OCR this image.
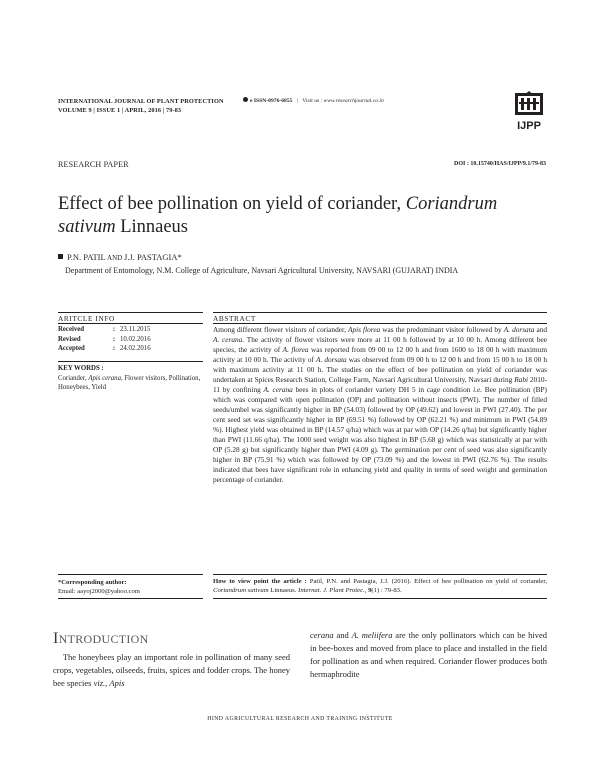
INTERNATIONAL JOURNAL OF PLANT PROTECTION
VOLUME 9 | ISSUE 1 | APRIL, 2016 | 79-83
e ISSN-0976-6855 | Visit us : www.researchjournal.co.in
IJPP
RESEARCH PAPER	DOI : 10.15740/HAS/IJPP/9.1/79-83
Effect of bee pollination on yield of coriander, Coriandrum sativum Linnaeus
P.N. PATIL AND J.J. PASTAGIA*
Department of Entomology, N.M. College of Agriculture, Navsari Agricultural University, NAVSARI (GUJARAT) INDIA
ARITCLE INFO	ABSTRACT
Received	:	23.11.2015
Revised	:	10.02.2016
Accepted	:	24.02.2016
KEY WORDS :
Coriander, Apis cerana, Flower visitors, Pollination, Honeybees, Yield
*Corresponding author:
Email: aayoj2000@yahoo.com
Among different flower visitors of coriander, Apis florea was the predominant visitor followed by A. dorsata and A. cerana. The activity of flower visitors were more at 11 00 h followed by at 10 00 h. Among different bee species, the activity of A. florea was reported from 09 00 to 12 00 h and from 1600 to 18 00 h with maximum activity at 10 00 h. The activity of A. dorsata was observed from 09 00 h to 12 00 h and from 15 00 h to 18 00 h with maximum activity at 11 00 h. The studies on the effect of bee pollination on yield of coriander was undertaken at Spices Research Station, College Farm, Navsari Agricultural University, Navsari during Rabi 2010-11 by confining A. cerana bees in plots of coriander variety DH 5 in cage condition i.e. Bee pollination (BP) which was compared with open pollination (OP) and pollination without insects (PWI). The number of filled seeds/umbel was significantly higher in BP (54.03) followed by OP (49.62) and lowest in PWI (27.40). The per cent seed set was significantly higher in BP (69.51 %) followed by OP (62.21 %) and minimum in PWI (54.89 %). Highest yield was obtained in BP (14.57 q/ha) which was at par with OP (14.26 q/ha) but significantly higher than PWI (11.66 q/ha). The 1000 seed weight was also highest in BP (5.68 g) which was statistically at par with OP (5.28 g) but significantly higher than PWI (4.09 g). The germination per cent of seed was also significantly higher in BP (75.91 %) which was followed by OP (73.09 %) and the lowest in PWI (62.76 %). The results indicated that bees have significant role in enhancing yield and quality in terms of seed weight and germination percentage of coriander.
How to view point the article : Patil, P.N. and Pastagia, J.J. (2016). Effect of bee pollination on yield of coriander, Coriandrum sativum Linnaeus. Internat. J. Plant Protec., 9(1) : 79-83.
INTRODUCTION
The honeybees play an important role in pollination of many seed crops, vegetables, oilseeds, fruits, spices and fodder crops. The honey bee species viz., Apis
cerana and A. meliifera are the only pollinators which can be hived in bee-boxes and moved from place to place and installed in the field for pollination as and when required. Coriander flower produces both hermaphrodite
HIND AGRICULTURAL RESEARCH AND TRAINING INSTITUTE
